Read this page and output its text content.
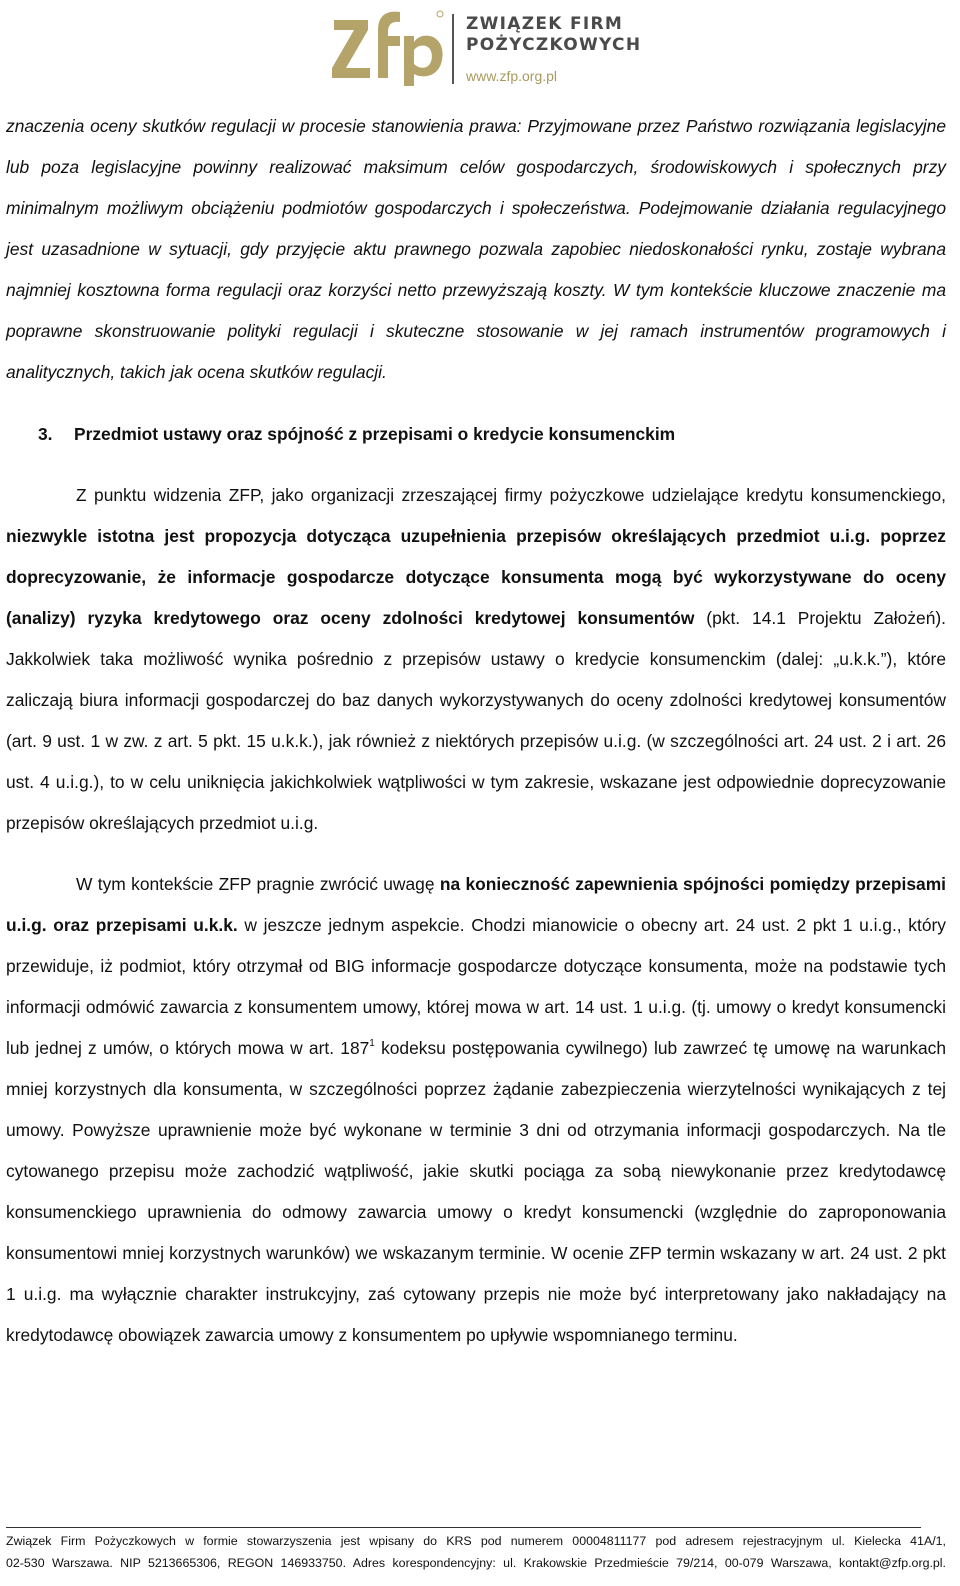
ZWIĄZEK FIRM
POŻYCZKOWYCH
www.zfp.org.pl

znaczenia oceny skutków regulacji w procesie stanowienia prawa: Przyjmowane przez Państwo rozwiązania legislacyjne lub poza legislacyjne powinny realizować maksimum celów gospodarczych, środowiskowych i społecznych przy minimalnym możliwym obciążeniu podmiotów gospodarczych i społeczeństwa. Podejmowanie działania regulacyjnego jest uzasadnione w sytuacji, gdy przyjęcie aktu prawnego pozwala zapobiec niedoskonałości rynku, zostaje wybrana najmniej kosztowna forma regulacji oraz korzyści netto przewyższają koszty. W tym kontekście kluczowe znaczenie ma poprawne skonstruowanie polityki regulacji i skuteczne stosowanie w jej ramach instrumentów programowych i analitycznych, takich jak ocena skutków regulacji.

3. Przedmiot ustawy oraz spójność z przepisami o kredycie konsumenckim

Z punktu widzenia ZFP, jako organizacji zrzeszającej firmy pożyczkowe udzielające kredytu konsumenckiego, niezwykle istotna jest propozycja dotycząca uzupełnienia przepisów określających przedmiot u.i.g. poprzez doprecyzowanie, że informacje gospodarcze dotyczące konsumenta mogą być wykorzystywane do oceny (analizy) ryzyka kredytowego oraz oceny zdolności kredytowej konsumentów (pkt. 14.1 Projektu Założeń). Jakkolwiek taka możliwość wynika pośrednio z przepisów ustawy o kredycie konsumenckim (dalej: „u.k.k.”), które zaliczają biura informacji gospodarczej do baz danych wykorzystywanych do oceny zdolności kredytowej konsumentów (art. 9 ust. 1 w zw. z art. 5 pkt. 15 u.k.k.), jak również z niektórych przepisów u.i.g. (w szczególności art. 24 ust. 2 i art. 26 ust. 4 u.i.g.), to w celu uniknięcia jakichkolwiek wątpliwości w tym zakresie, wskazane jest odpowiednie doprecyzowanie przepisów określających przedmiot u.i.g.

W tym kontekście ZFP pragnie zwrócić uwagę na konieczność zapewnienia spójności pomiędzy przepisami u.i.g. oraz przepisami u.k.k. w jeszcze jednym aspekcie. Chodzi mianowicie o obecny art. 24 ust. 2 pkt 1 u.i.g., który przewiduje, iż podmiot, który otrzymał od BIG informacje gospodarcze dotyczące konsumenta, może na podstawie tych informacji odmówić zawarcia z konsumentem umowy, której mowa w art. 14 ust. 1 u.i.g. (tj. umowy o kredyt konsumencki lub jednej z umów, o których mowa w art. $187^1$ kodeksu postępowania cywilnego) lub zawrzeć tę umowę na warunkach mniej korzystnych dla konsumenta, w szczególności poprzez żądanie zabezpieczenia wierzytelności wynikających z tej umowy. Powyższe uprawnienie może być wykonane w terminie 3 dni od otrzymania informacji gospodarczych. Na tle cytowanego przepisu może zachodzić wątpliwość, jakie skutki pociąga za sobą niewykonanie przez kredytodawcę konsumenckiego uprawnienia do odmowy zawarcia umowy o kredyt konsumencki (względnie do zaproponowania konsumentowi mniej korzystnych warunków) we wskazanym terminie. W ocenie ZFP termin wskazany w art. 24 ust. 2 pkt 1 u.i.g. ma wyłącznie charakter instrukcyjny, zaś cytowany przepis nie może być interpretowany jako nakładający na kredytodawcę obowiązek zawarcia umowy z konsumentem po upływie wspomnianego terminu.

Związek Firm Pożyczkowych w formie stowarzyszenia jest wpisany do KRS pod numerem 00004811177 pod adresem rejestracyjnym ul. Kielecka 41A/1,
02-530 Warszawa. NIP 5213665306, REGON 146933750. Adres korespondencyjny: ul. Krakowskie Przedmieście 79/214, 00-079 Warszawa, kontakt@zfp.org.pl.
